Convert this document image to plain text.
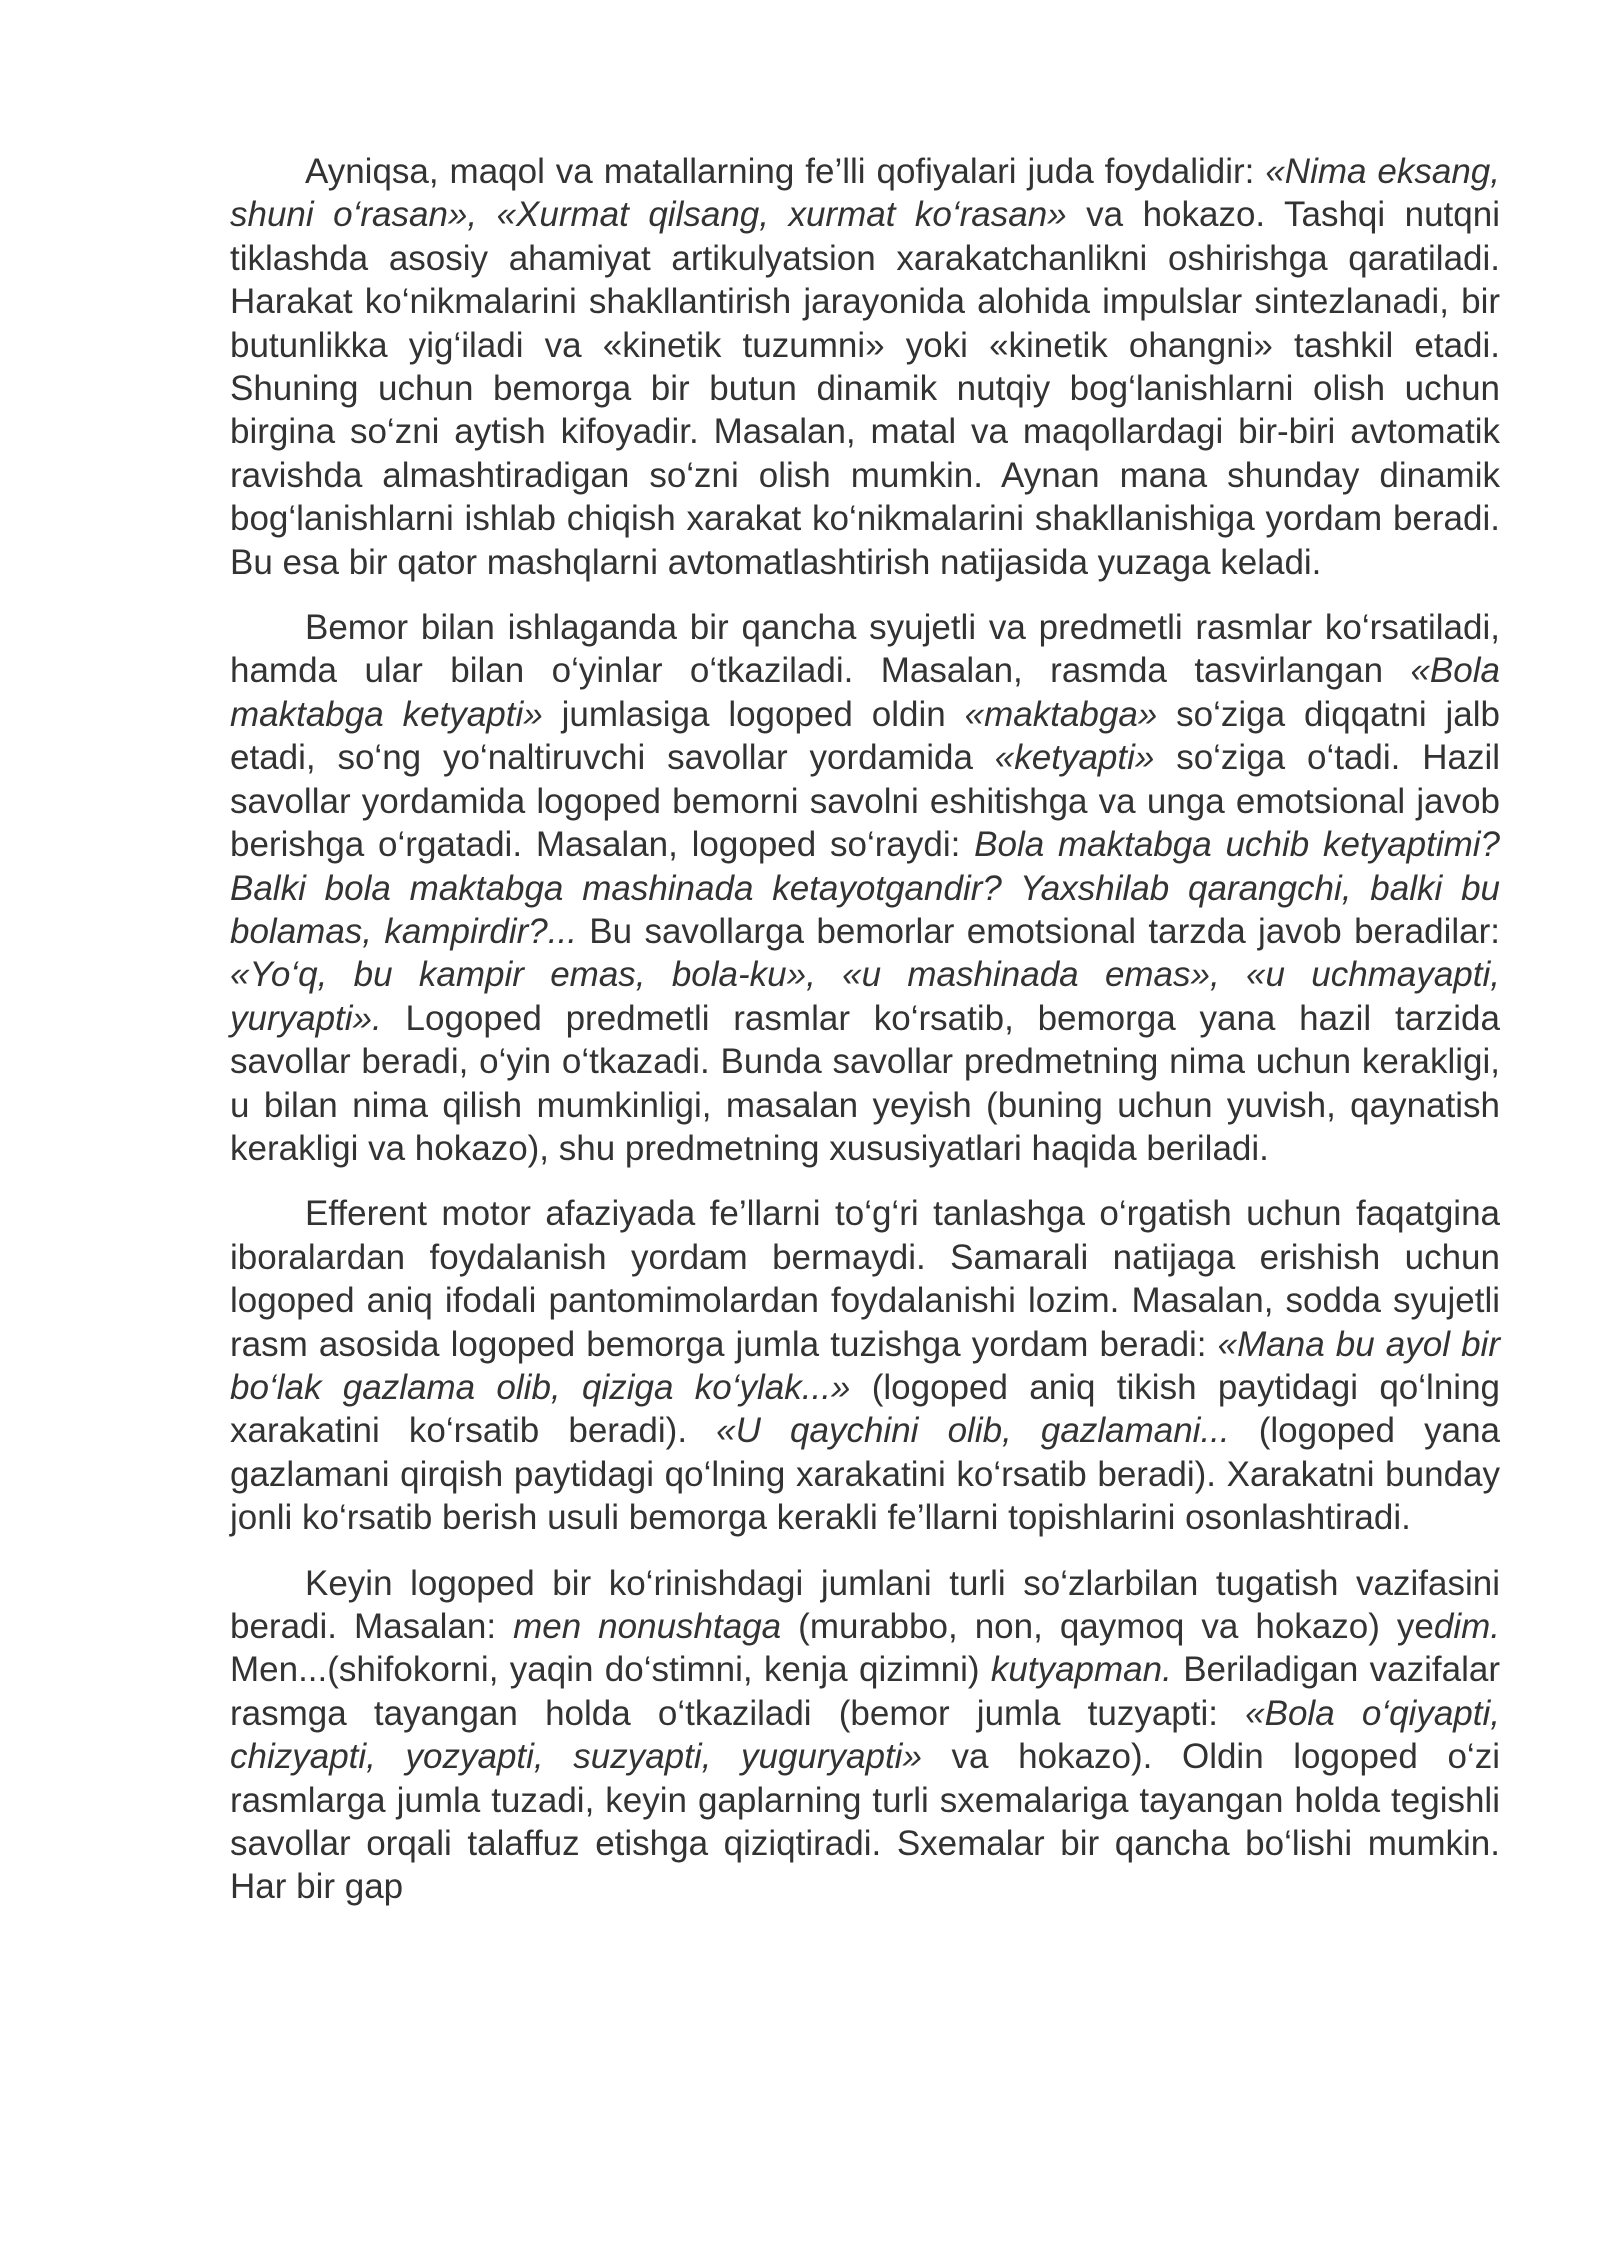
Ayniqsa, maqol va matallarning fe’lli qofiyalari juda foydalidir: «Nima eksang, shuni o‘rasan», «Xurmat qilsang, xurmat ko‘rasan» va hokazo. Tashqi nutqni tiklashda asosiy ahamiyat artikulyatsion xarakatchanlikni oshirishga qaratiladi. Harakat ko‘nikmalarini shakllantirish jarayonida alohida impulslar sintezlanadi, bir butunlikka yig‘iladi va «kinetik tuzumni» yoki «kinetik ohangni» tashkil etadi. Shuning uchun bemorga bir butun dinamik nutqiy bog‘lanishlarni olish uchun birgina so‘zni aytish kifoyadir. Masalan, matal va maqollardagi bir-biri avtomatik ravishda almashtiradigan so‘zni olish mumkin. Aynan mana shunday dinamik bog‘lanishlarni ishlab chiqish xarakat ko‘nikmalarini shakllanishiga yordam beradi. Bu esa bir qator mashqlarni avtomatlashtirish natijasida yuzaga keladi.

Bemor bilan ishlaganda bir qancha syujetli va predmetli rasmlar ko‘rsatiladi, hamda ular bilan o‘yinlar o‘tkaziladi. Masalan, rasmda tasvirlangan «Bola maktabga ketyapti» jumlasiga logoped oldin «maktabga» so‘ziga diqqatni jalb etadi, so‘ng yo‘naltiruvchi savollar yordamida «ketyapti» so‘ziga o‘tadi. Hazil savollar yordamida logoped bemorni savolni eshitishga va unga emotsional javob berishga o‘rgatadi. Masalan, logoped so‘raydi: Bola maktabga uchib ketyaptimi? Balki bola maktabga mashinada ketayotgandir? Yaxshilab qarangchi, balki bu bolamas, kampirdir?... Bu savollarga bemorlar emotsional tarzda javob beradilar: «Yo‘q, bu kampir emas, bola-ku», «u mashinada emas», «u uchmayapti, yuryapti». Logoped predmetli rasmlar ko‘rsatib, bemorga yana hazil tarzida savollar beradi, o‘yin o‘tkazadi. Bunda savollar predmetning nima uchun kerakligi, u bilan nima qilish mumkinligi, masalan yeyish (buning uchun yuvish, qaynatish kerakligi va hokazo), shu predmetning xususiyatlari haqida beriladi.

Efferent motor afaziyada fe’llarni to‘g‘ri tanlashga o‘rgatish uchun faqatgina iboralardan foydalanish yordam bermaydi. Samarali natijaga erishish uchun logoped aniq ifodali pantomimolardan foydalanishi lozim. Masalan, sodda syujetli rasm asosida logoped bemorga jumla tuzishga yordam beradi: «Mana bu ayol bir bo‘lak gazlama olib, qiziga ko‘ylak...» (logoped aniq tikish paytidagi qo‘lning xarakatini ko‘rsatib beradi). «U qaychini olib, gazlamani... (logoped yana gazlamani qirqish paytidagi qo‘lning xarakatini ko‘rsatib beradi). Xarakatni bunday jonli ko‘rsatib berish usuli bemorga kerakli fe’llarni topishlarini osonlashtiradi.

Keyin logoped bir ko‘rinishdagi jumlani turli so‘zlarbilan tugatish vazifasini beradi. Masalan: men nonushtaga (murabbo, non, qaymoq va hokazo) yedim. Men...(shifokorni, yaqin do‘stimni, kenja qizimni) kutyapman. Beriladigan vazifalar rasmga tayangan holda o‘tkaziladi (bemor jumla tuzyapti: «Bola o‘qiyapti, chizyapti, yozyapti, suzyapti, yuguryapti» va hokazo). Oldin logoped o‘zi rasmlarga jumla tuzadi, keyin gaplarning turli sxemalariga tayangan holda tegishli savollar orqali talaffuz etishga qiziqtiradi. Sxemalar bir qancha bo‘lishi mumkin. Har bir gap
